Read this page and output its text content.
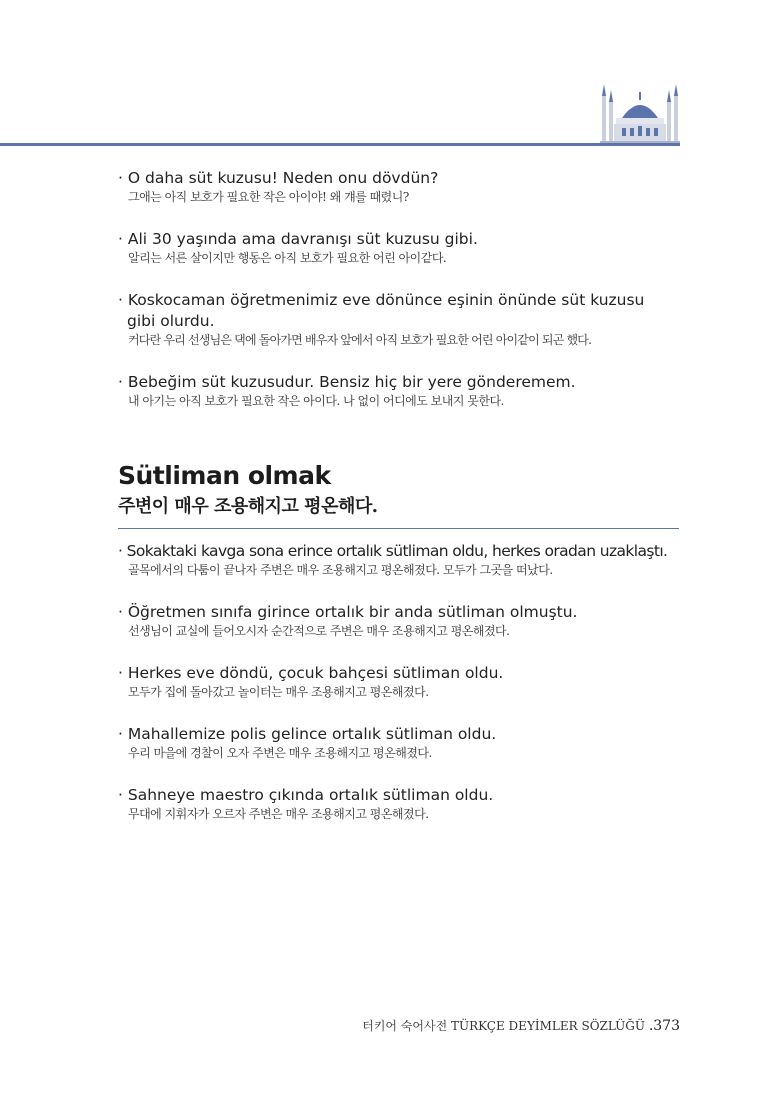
· O daha süt kuzusu! Neden onu dövdün?
그애는 아직 보호가 필요한 작은 아이야! 왜 걔를 때렸니?
· Ali 30 yaşında ama davranışı süt kuzusu gibi.
알리는 서른 살이지만 행동은 아직 보호가 필요한 어린 아이같다.
· Koskocaman öğretmenimiz eve dönünce eşinin önünde süt kuzusu gibi olurdu.
커다란 우리 선생님은 댁에 돌아가면 배우자 앞에서 아직 보호가 필요한 어린 아이같이 되곤 했다.
· Bebeğim süt kuzusudur. Bensiz hiç bir yere gönderemem.
내 아기는 아직 보호가 필요한 작은 아이다. 나 없이 어디에도 보내지 못한다.
Sütliman olmak

주변이 매우 조용해지고 평온해다.

· Sokaktaki kavga sona erince ortalık sütliman oldu, herkes oradan uzaklaştı.
골목에서의 다툼이 끝나자 주변은 매우 조용해지고 평온해졌다. 모두가 그곳을 떠났다.
· Öğretmen sınıfa girince ortalık bir anda sütliman olmuştu.
선생님이 교실에 들어오시자 순간적으로 주변은 매우 조용해지고 평온해졌다.
· Herkes eve döndü, çocuk bahçesi sütliman oldu.
모두가 집에 돌아갔고 놀이터는 매우 조용해지고 평온해졌다.
· Mahallemize polis gelince ortalık sütliman oldu.
우리 마을에 경찰이 오자 주변은 매우 조용해지고 평온해졌다.
· Sahneye maestro çıkında ortalık sütliman oldu.
무대에 지휘자가 오르자 주변은 매우 조용해지고 평온해졌다.
터키어 숙어사전 TÜRKÇE DEYİMLER SÖZLÜĞÜ .373
